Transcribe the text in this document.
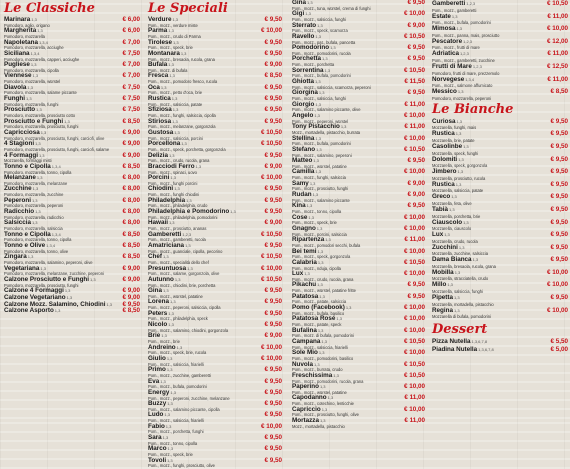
Le Classiche
Marinara1,3	€ 6,00
Pomodoro, aglio, origano
Margherita1,3	€ 6,00
Pomodoro, mozzarella
Napoletana1,3,4	€ 7,00
Pomodoro, mozzarella, acciughe
Siciliana1,3,4	€ 7,50
Pomodoro, mozzarella, capperi, acciughe
Pugliese1,3	€ 7,00
Pomodoro, mozzarella, cipolla
Viennese1,3	€ 7,00
Pomodoro, mozzarella, würstel
Diavola1,3	€ 7,50
Pomodoro, mozzarella, salame piccante
Funghi1,3	€ 7,50
Pomodoro, mozzarella, funghi
Prosciutto1,3	€ 7,50
Pomodoro, mozzarella, prosciutto cotto
Prosciutto e Funghi1,3	€ 8,50
Pomodoro, mozzarella, prosciutto, funghi
Capricciosa1,3	€ 9,00
Pomodoro, mozzarella, prosciutto, funghi, carciofi, olive
4 Stagioni1,3	€ 9,00
Pomodoro, mozzarella, prosciutto, funghi, carciofi, salame
4 Formaggi1,3	€ 9,00
Mozzarella, formaggi misti
Tonno e Cipolla1,3,4	€ 8,50
Pomodoro, mozzarella, tonno, cipolla
Melanzane1,3	€ 8,00
Pomodoro, mozzarella, melanzane
Zucchine1,3	€ 8,00
Pomodoro, mozzarella, zucchine
Peperoni1,3	€ 8,00
Pomodoro, mozzarella, peperoni
Radicchio1,3	€ 8,00
Pomodoro, mozzarella, radicchio
Salsiccia1,3	€ 8,00
Pomodoro, mozzarella, salsiccia
Tonno e Cipolla1,3,4	€ 8,50
Pomodoro, mozzarella, tonno, cipolla
Tonno e Olive1,3,4	€ 8,50
Pomodoro, mozzarella, tonno, olive
Zingara1,3	€ 8,50
Pomodoro, mozzarella, salamino, peperoni, olive
Vegetariana1,3	€ 9,00
Pomodoro, mozzarella, melanzane, zucchine, peperoni
Calzone Prosciutto e Funghi1,3	€ 9,00
Pomodoro, mozzarella, prosciutto, funghi
Calzone 4 Formaggi1,3	€ 9,00
Calzone Vegetariano1,3	€ 9,00
Calzone Mozz. Salamino, Chiodini1,3	€ 9,50
Calzone Asporto1,3	€ 8,50
Le Speciali
Verdure1,3	€ 9,50
Pom., mozz., verdure miste
Parma1,3	€ 10,00
Pom., mozz., crudo di Parma
Tirolese1,3	€ 9,50
Pom., mozz., speck, brie
Montanara1,3	€ 9,50
Pom., mozz., bresaola, rucola, grana
Bufala1,3	€ 9,00
Pom., mozz. di bufala
Fresca1,3	€ 8,50
Pom., mozz., pomodoro fresco, rucola
Oca1,3	€ 9,50
Pom., mozz., petto d'oca, brie
Rustica1,3	€ 9,50
Pom., mozz., salsiccia, patate
Sfiziosa1,3	€ 9,50
Pom., mozz., funghi, salsiccia, cipolla
Stiriosa1,3	€ 9,50
Pom., mozz., melanzane, gorgonzola
Gustosa1,3	€ 10,50
Pom., mozz., salsiccia, porcini
Porcellona1,3	€ 10,50
Pom., mozz., speck, porchetta, gorgonzola
Delizia1,3	€ 9,50
Pom., mozz., crudo, rucola, grana
Bracciodi Ferro1,3	€ 9,00
Pom., mozz., spinaci, uovo
Porcini1,3	€ 10,00
Pom., mozz., funghi porcini
Chiodini1,3	€ 9,50
Pom., mozz., funghi chiodini
Philadelphia1,3	€ 9,50
Pom., mozz., philadelphia, crudo
Philadelphia e Pomodorino1,3	€ 9,50
Pom., mozz., philadelphia, pomodorini
Hawaii1,3	€ 9,00
Pom., mozz., prosciutto, ananas
Gamberetti1,2,3	€ 10,50
Pom., mozz., gamberetti, rucola
Amatriciana1,3	€ 9,50
Pom., mozz., guanciale, cipolla, pecorino
Chef1,3	€ 10,50
Pom., mozz., specialità dello chef
Presuntuosa1,3	€ 10,00
Pom., mozz., salame, gorgonzola, olive
Autunno1,3	€ 10,50
Pom., mozz., chiodini, brie, porchetta
Gina1,3	€ 9,50
Pom., mozz., würstel, patatine
Lorena1,3	€ 9,50
Pom., mozz., peperoni, salsiccia, cipolla
Peters1,3	€ 9,50
Pom., mozz., philadelphia, speck
Nicolo1,3	€ 9,50
Pom., mozz., salamino, chiodini, gorgonzola
Brie1,3	€ 9,00
Pom., mozz., brie
Andreino1,3	€ 10,00
Pom., mozz., speck, brie, rucola
Giulio1,3	€ 10,00
Pom., mozz., salsiccia, friarielli
Primo1,3	€ 9,50
Pom., mozz., zucchine, gamberetti
Eva1,3	€ 9,50
Pom., mozz., bufala, pomodorini
Energy1,3	€ 9,50
Pom., mozz., peperoni, zucchine, melanzane
Buzzy1,3	€ 9,50
Pom., mozz., salamino piccante, cipolla
Ludo1,3	€ 9,50
Pom., mozz., salsiccia, friarielli
Fabio1,3	€ 10,00
Pom., mozz., porchetta, funghi
Sara1,3	€ 9,50
Pom., mozz., tonno, cipolla
Marco1,3	€ 9,50
Pom., mozz., speck, brie
Tovoli1,3	€ 9,50
Pom., mozz., funghi, prosciutto, olive
Gina1,3	€ 9,50
Pom., mozz., tuna, würstel, crema di funghi
Gigi1,3	€ 10,00
Pom., mozz., salsiccia, funghi
Sterrato1,3	€ 9,00
Pom., mozz., speck, scamorza
Ravello1,3	€ 10,50
Pom., mozz., pat., bufala, pancetta
Pomodorino1,3	€ 9,50
Pom., mozz., pomodorini, rucola
Porchetta1,3	€ 9,50
Pom., mozz., porchetta
Sorrentina1,3	€ 10,50
Pom., mozz., bufala, pomodorini
Ghiotta1,3	€ 11,50
Pom., mozz., salsiccia, scamorza, peperoni
Giorgina1,3	€ 9,50
Pom., mozz., salsiccia, funghi
Giorgio1,3	€ 11,00
Pom., mozz., salamino piccante, olive
Angelo1,3	€ 10,00
Pom., mozz., peperoni, würstel
Tony Pistacchio1,3	€ 11,00
Mozz., mortadella, pistacchio, burrata
Stellina1,3	€ 10,00
Pom., mozz., bufala, pomodorini
Stefano1,3	€ 10,50
Pom., mozz., salamino, peperoni
Matteo1,3	€ 9,50
Pom., mozz., würstel, patatine
Camilla1,3	€ 10,00
Pom., mozz., funghi, salsiccia
Samy1,3	€ 9,00
Pom., mozz., prosciutto, funghi
Rudan1,3	€ 9,00
Pom., mozz., salamino piccante
Kina1,3	€ 9,50
Pom., mozz., tonno, cipolla
Cose1,3	€ 10,00
Pom., mozz., speck, brie
Gnagno1,3	€ 10,00
Pom., mozz., porcini, salsiccia
Ripartenza1,3	€ 11,00
Pom., mozz., pomodori secchi, bufala
Bei temi1,3	€ 10,00
Pom., mozz., speck, gorgonzola
Calabria1,3	€ 10,50
Pom., mozz., nduja, cipolla
Lux1,3	€ 10,00
Pom., mozz., crudo, rucola, grana
Pikachu1,3	€ 9,50
Pom., mozz., würstel, patatine fritte
Patatosa1,3	€ 9,50
Pom., mozz., patate, salsiccia
Pomo (Facebook)1,3	€ 10,00
Pom., mozz., bufala, basilico
Patatosa Rosé1,3	€ 10,00
Pom., mozz., patate, speck
Bufalina1,3	€ 10,00
Pom., mozz. di bufala, pomodorini
Campana1,3	€ 10,50
Pom., mozz., salsiccia, friarielli
Sole Mio1,3	€ 10,00
Pom., mozz., pomodorini, basilico
Nuvola1,3	€ 10,50
Pom., mozz., burrata, crudo
Freschissima1,3	€ 10,50
Pom., mozz., pomodorini, rucola, grana
Paperino1,3	€ 10,00
Pom., mozz., würstel, patatine
Capodanno1,3	€ 11,00
Pom., mozz., cotechino, lenticchie
Capriccio1,3	€ 10,00
Pom., mozz., prosciutto, funghi, olive
Mortazza1,3	€ 11,00
Mozz., mortadella, pistacchio
Gamberetti1,2,3	€ 10,50
Pom., mozz., gamberetti
Estate1,3	€ 11,00
Pom., mozz., bufala, pomodorini
Mimosa1,3	€ 10,00
Pom., mozz., panna, mais, prosciutto
Pescatore1,2,3	€ 12,00
Pom., mozz., frutti di mare
Adriatica1,2,3	€ 11,00
Pom., mozz., gamberetti, zucchine
Frutti di Mare1,2,3	€ 12,50
Pomodoro, frutti di mare, prezzemolo
Norvegese1,3,4	€ 11,00
Pom., mozz., salmone affumicato
Messico1,3	€ 8,50
Pomodoro, mozzarella, peperoni
Le Bianche
Curiosa1,3	€ 9,50
Mozzarella, funghi, mais
Rustica1,3	€ 9,50
Mozzarella, brie, patate
Casolinbe1,3	€ 9,50
Mozzarella, speck, funghi
Dolomiti1,3	€ 9,50
Mozzarella, speck, gorgonzola
Jimbero1,3	€ 9,50
Mozzarella, prosciutto, rucola
Rustica1,3	€ 9,50
Mozzarella, salsiccia, patate
Greco1,3	€ 9,50
Mozzarella, feta, olive
Tabià1,3	€ 9,50
Mozzarella, porchetta, brie
Ciauscolo1,3	€ 9,50
Mozzarella, ciauscolo
Lux1,3	€ 9,50
Mozzarella, crudo, rucola
Zucchini1,3	€ 9,50
Mozzarella, zucchine, salsiccia
Dama Bianca1,3	€ 9,50
Mozzarella, bresaola, rucola, grana
Mobilla1,3	€ 10,00
Mozzarella, stracciatella, crudo
Millo1,3	€ 10,00
Mozzarella, salsiccia, funghi
Pipetta1,3	€ 9,50
Mozzarella, mortadella, pistacchio
Regina1,3	€ 10,00
Mozzarella di bufala, pomodorini
Dessert
Pizza Nutella1,3,6,7,8	€ 5,50
Piadina Nutella1,3,6,7,8	€ 5,00
